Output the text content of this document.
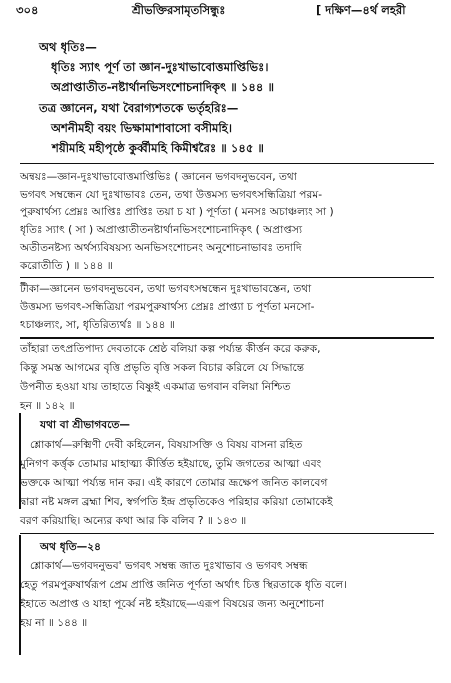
৩০৪	শ্রীভক্তিরসামৃতসিন্ধুঃ	[ দক্ষিণ—৪র্থ লহরী
অথ ধৃতিঃ—
ধৃতিঃ স্যাৎ পূর্ণ তা জ্ঞান-দুঃখাভাবোত্তমাপ্তিভিঃ।
অপ্রাপ্তাতীত-নষ্টার্থানভিসংশোচনাদিকৃৎ ॥ ১৪৪ ॥
তত্র জ্ঞানেন, যথা বৈরাগ্যশতকে ভর্তৃহরিঃ—
অশনীমহী বয়ং ভিক্ষামাশাবাসো বসীমহি।
শয়ীমহি মহীপৃষ্ঠে কুর্ব্বীমহি কিমীশ্বরৈঃ ॥ ১৪৫ ॥
অন্বয়ঃ—জ্ঞান-দুঃখাভাবোত্তমাপ্তিভিঃ ( জ্ঞানেন ভগবদনুভবেন, তথা
ভগবৎ সম্বন্ধেন যো দুঃখাভাবঃ তেন, তথা উত্তমস্য ভগবৎসন্ধিত্রিয়া পরম-
পুরুষার্থস্য প্রেম্নঃ আপ্তিঃ প্রাপ্তিঃ তয়া চ যা ) পূর্ণতা ( মনসঃ অচাঞ্চল্যং সা )
ধৃতিঃ স্যাৎ ( সা ) অপ্রাপ্তাতীতনষ্টার্থানভিসংশোচনাদিকৃৎ ( অপ্রাপ্তস্য
অতীতনষ্টস্য অর্থস্যবিষয়স্য অনভিসংশোচনং অনুশোচনাভাবঃ তদাদি
করোতীতি ) ॥ ১৪৪ ॥
টীকা—জ্ঞানেন ভগবদনুভবেন, তথা ভগবৎসম্বন্ধেন দুঃখাভাবস্তেন, তথা
উত্তমস্য ভগবৎ-সন্ধিত্রিয়া পরমপুরুষার্থস্য প্রেম্নঃ প্রাপ্ত্যা চ পূর্ণতা মনসো-
ঽচাঞ্চল্যং, সা, ধৃতিরিত্যর্থঃ ॥ ১৪৪ ॥
তাঁহারা তৎপ্রতিপাদ্য দেবতাকে শ্রেষ্ঠ বলিয়া কল্প পর্য্যন্ত কীর্ত্তন করে করুক,
কিন্তু সমস্ত আগমের বৃত্তি প্রভৃতি বৃত্তি সকল বিচার করিলে যে সিদ্ধান্তে
উপনীত হওয়া যায় তাহাতে বিষ্ণুই একমাত্র ভগবান বলিয়া নিশ্চিত
হন ॥ ১৪২ ॥
যথা বা শ্রীভাগবতে—
শ্লোকার্থ—রুক্মিণী দেবী কহিলেন, বিষয়াসক্তি ও বিষয় বাসনা রহিত
মুনিগণ কর্ত্তৃক তোমার মাহাত্ম্য কীর্ত্তিত হইয়াছে, তুমি জগতের আত্মা এবং
ভক্তকে আত্মা পর্য্যন্ত দান কর। এই কারণে তোমার ভ্রূক্ষেপ জনিত কালবেগ
দ্বারা নষ্ট মঙ্গল ব্রহ্মা শিব, স্বর্গপতি ইন্দ্র প্রভৃতিকেও পরিহার করিয়া তোমাকেই
বরণ করিয়াছি। অন্যের কথা আর কি বলিব ? ॥ ১৪৩ ॥
অথ ধৃতি—২৪
শ্লোকার্থ—ভগবদনুভব' ভগবৎ সম্বন্ধ জাত দুঃখাভাব ও ভগবৎ সম্বন্ধ
হেতু পরমপুরুষার্থরূপ প্রেম প্রাপ্তি জনিত পূর্ণতা অর্থাৎ চিত্ত স্থিরতাকে ধৃতি বলে।
ইহাতে অপ্রাপ্ত ও যাহা পূর্ব্বে নষ্ট হইয়াছে—এরূপ বিষয়ের জন্য অনুশোচনা
হয় না ॥ ১৪৪ ॥
